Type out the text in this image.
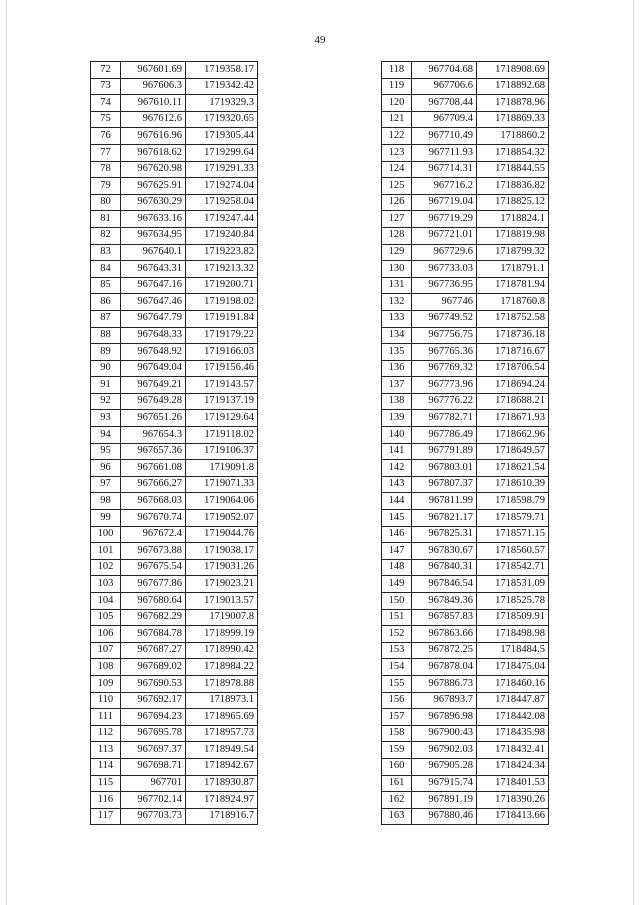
49
72	967601.69	1719358.17
73	967606.3	1719342.42
74	967610.11	1719329.3
75	967612.6	1719320.65
76	967616.96	1719305.44
77	967618.62	1719299.64
78	967620.98	1719291.33
79	967625.91	1719274.04
80	967630.29	1719258.04
81	967633.16	1719247.44
82	967634.95	1719240.84
83	967640.1	1719223.82
84	967643.31	1719213.32
85	967647.16	1719200.71
86	967647.46	1719198.02
87	967647.79	1719191.84
88	967648.33	1719179.22
89	967648.92	1719166.03
90	967649.04	1719156.46
91	967649.21	1719143.57
92	967649.28	1719137.19
93	967651.26	1719129.64
94	967654.3	1719118.02
95	967657.36	1719106.37
96	967661.08	1719091.8
97	967666.27	1719071.33
98	967668.03	1719064.06
99	967670.74	1719052.07
100	967672.4	1719044.76
101	967673.88	1719038.17
102	967675.54	1719031.26
103	967677.86	1719023.21
104	967680.64	1719013.57
105	967682.29	1719007.8
106	967684.78	1718999.19
107	967687.27	1718990.42
108	967689.02	1718984.22
109	967690.53	1718978.88
110	967692.17	1718973.1
111	967694.23	1718965.69
112	967695.78	1718957.73
113	967697.37	1718949.54
114	967698.71	1718942.67
115	967701	1718930.87
116	967702.14	1718924.97
117	967703.73	1718916.7
118	967704.68	1718908.69
119	967706.6	1718892.68
120	967708.44	1718878.96
121	967709.4	1718869.33
122	967710.49	1718860.2
123	967711.93	1718854.32
124	967714.31	1718844.55
125	967716.2	1718836.82
126	967719.04	1718825.12
127	967719.29	1718824.1
128	967721.01	1718819.98
129	967729.6	1718799.32
130	967733.03	1718791.1
131	967736.95	1718781.94
132	967746	1718760.8
133	967749.52	1718752.58
134	967756.75	1718736.18
135	967765.36	1718716.67
136	967769.32	1718706.54
137	967773.96	1718694.24
138	967776.22	1718688.21
139	967782.71	1718671.93
140	967786.49	1718662.96
141	967791.89	1718649.57
142	967803.01	1718621.54
143	967807.37	1718610.39
144	967811.99	1718598.79
145	967821.17	1718579.71
146	967825.31	1718571.15
147	967830.67	1718560.57
148	967840.31	1718542.71
149	967846.54	1718531.09
150	967849.36	1718525.78
151	967857.83	1718509.91
152	967863.66	1718498.98
153	967872.25	1718484.5
154	967878.04	1718475.04
155	967886.73	1718460.16
156	967893.7	1718447.87
157	967896.98	1718442.08
158	967900.43	1718435.98
159	967902.03	1718432.41
160	967905.28	1718424.34
161	967915.74	1718401.53
162	967891.19	1718390.26
163	967880.46	1718413.66
